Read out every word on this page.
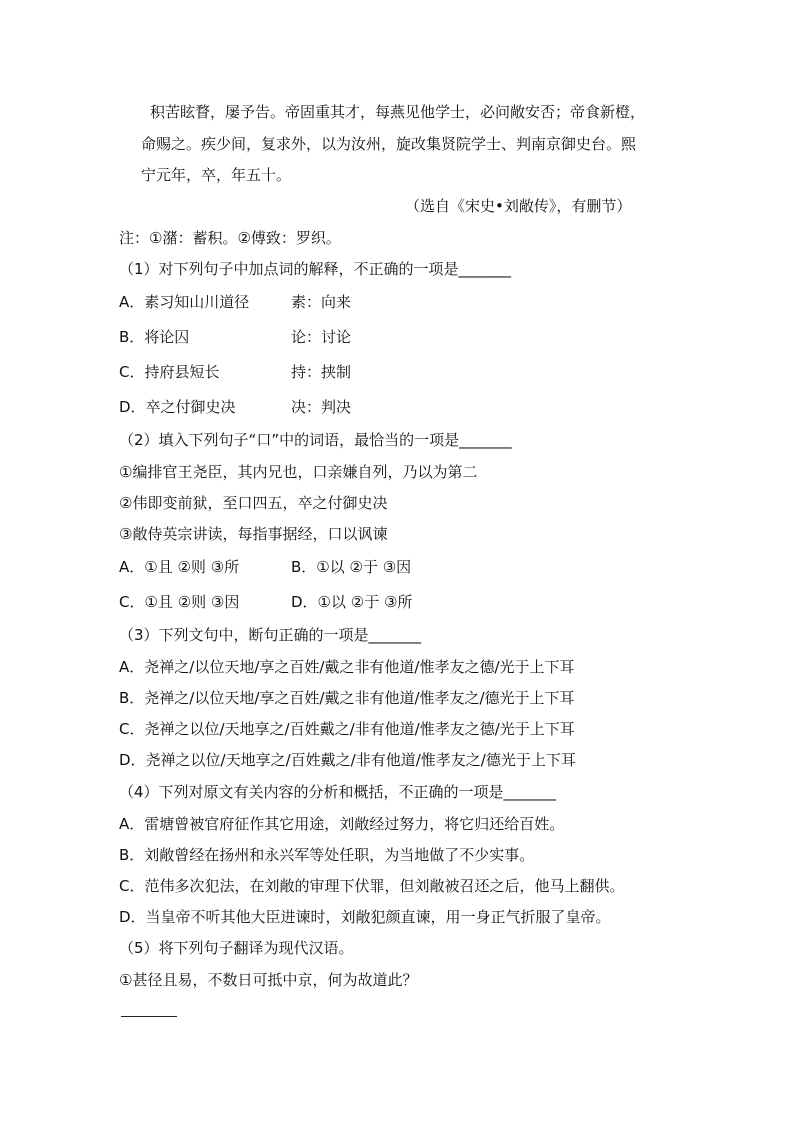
积苦眩瞀，屡予告。帝固重其才，每燕见他学士，必问敞安否；帝食新橙，
命赐之。疾少间，复求外，以为汝州，旋改集贤院学士、判南京御史台。熙
宁元年，卒，年五十。
（选自《宋史•刘敞传》，有删节）
注：①潴：蓄积。②傅致：罗织。
（1）对下列句子中加点词的解释，不正确的一项是_______
A．素习知山川道径	素：向来
B．将论囚	论：讨论
C．持府县短长	持：挟制
D．卒之付御史决	决：判决
（2）填入下列句子“口”中的词语，最恰当的一项是_______
①编排官王尧臣，其内兄也，口亲嫌自列，乃以为第二
②伟即变前狱，至口四五，卒之付御史决
③敞侍英宗讲读，每指事据经，口以讽谏
A．①且 ②则 ③所	B．①以 ②于 ③因
C．①且 ②则 ③因	D．①以 ②于 ③所
（3）下列文句中，断句正确的一项是_______
A．尧禅之/以位天地/享之百姓/戴之非有他道/惟孝友之德/光于上下耳
B．尧禅之/以位天地/享之百姓/戴之非有他道/惟孝友之/德光于上下耳
C．尧禅之以位/天地享之/百姓戴之/非有他道/惟孝友之德/光于上下耳
D．尧禅之以位/天地享之/百姓戴之/非有他道/惟孝友之/德光于上下耳
（4）下列对原文有关内容的分析和概括，不正确的一项是_______
A．雷塘曾被官府征作其它用途，刘敞经过努力，将它归还给百姓。
B．刘敞曾经在扬州和永兴军等处任职，为当地做了不少实事。
C．范伟多次犯法，在刘敞的审理下伏罪，但刘敞被召还之后，他马上翻供。
D．当皇帝不听其他大臣进谏时，刘敞犯颜直谏，用一身正气折服了皇帝。
（5）将下列句子翻译为现代汉语。
①甚径且易，不数日可抵中京，何为故道此？
